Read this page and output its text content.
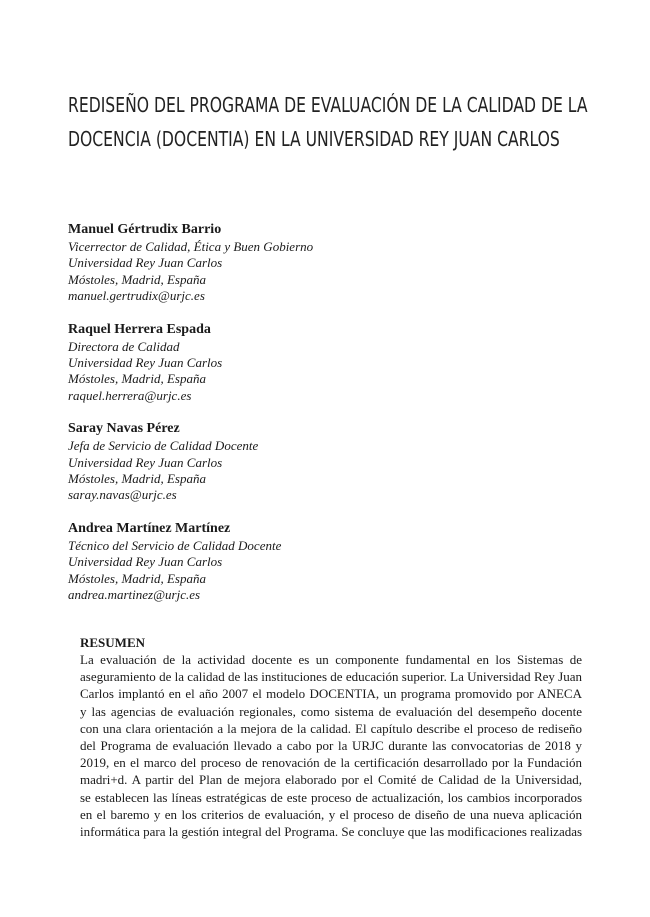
REDISEÑO DEL PROGRAMA DE EVALUACIÓN DE LA CALIDAD DE LA
DOCENCIA (DOCENTIA) EN LA UNIVERSIDAD REY JUAN CARLOS
Manuel Gértrudix Barrio
Vicerrector de Calidad, Ética y Buen Gobierno
Universidad Rey Juan Carlos
Móstoles, Madrid, España
manuel.gertrudix@urjc.es
Raquel Herrera Espada
Directora de Calidad
Universidad Rey Juan Carlos
Móstoles, Madrid, España
raquel.herrera@urjc.es
Saray Navas Pérez
Jefa de Servicio de Calidad Docente
Universidad Rey Juan Carlos
Móstoles, Madrid, España
saray.navas@urjc.es
Andrea Martínez Martínez
Técnico del Servicio de Calidad Docente
Universidad Rey Juan Carlos
Móstoles, Madrid, España
andrea.martinez@urjc.es
RESUMEN
La evaluación de la actividad docente es un componente fundamental en los Sistemas de
aseguramiento de la calidad de las instituciones de educación superior. La Universidad Rey Juan
Carlos implantó en el año 2007 el modelo DOCENTIA, un programa promovido por ANECA
y las agencias de evaluación regionales, como sistema de evaluación del desempeño docente
con una clara orientación a la mejora de la calidad. El capítulo describe el proceso de rediseño
del Programa de evaluación llevado a cabo por la URJC durante las convocatorias de 2018 y
2019, en el marco del proceso de renovación de la certificación desarrollado por la Fundación
madri+d. A partir del Plan de mejora elaborado por el Comité de Calidad de la Universidad,
se establecen las líneas estratégicas de este proceso de actualización, los cambios incorporados
en el baremo y en los criterios de evaluación, y el proceso de diseño de una nueva aplicación
informática para la gestión integral del Programa. Se concluye que las modificaciones realizadas
